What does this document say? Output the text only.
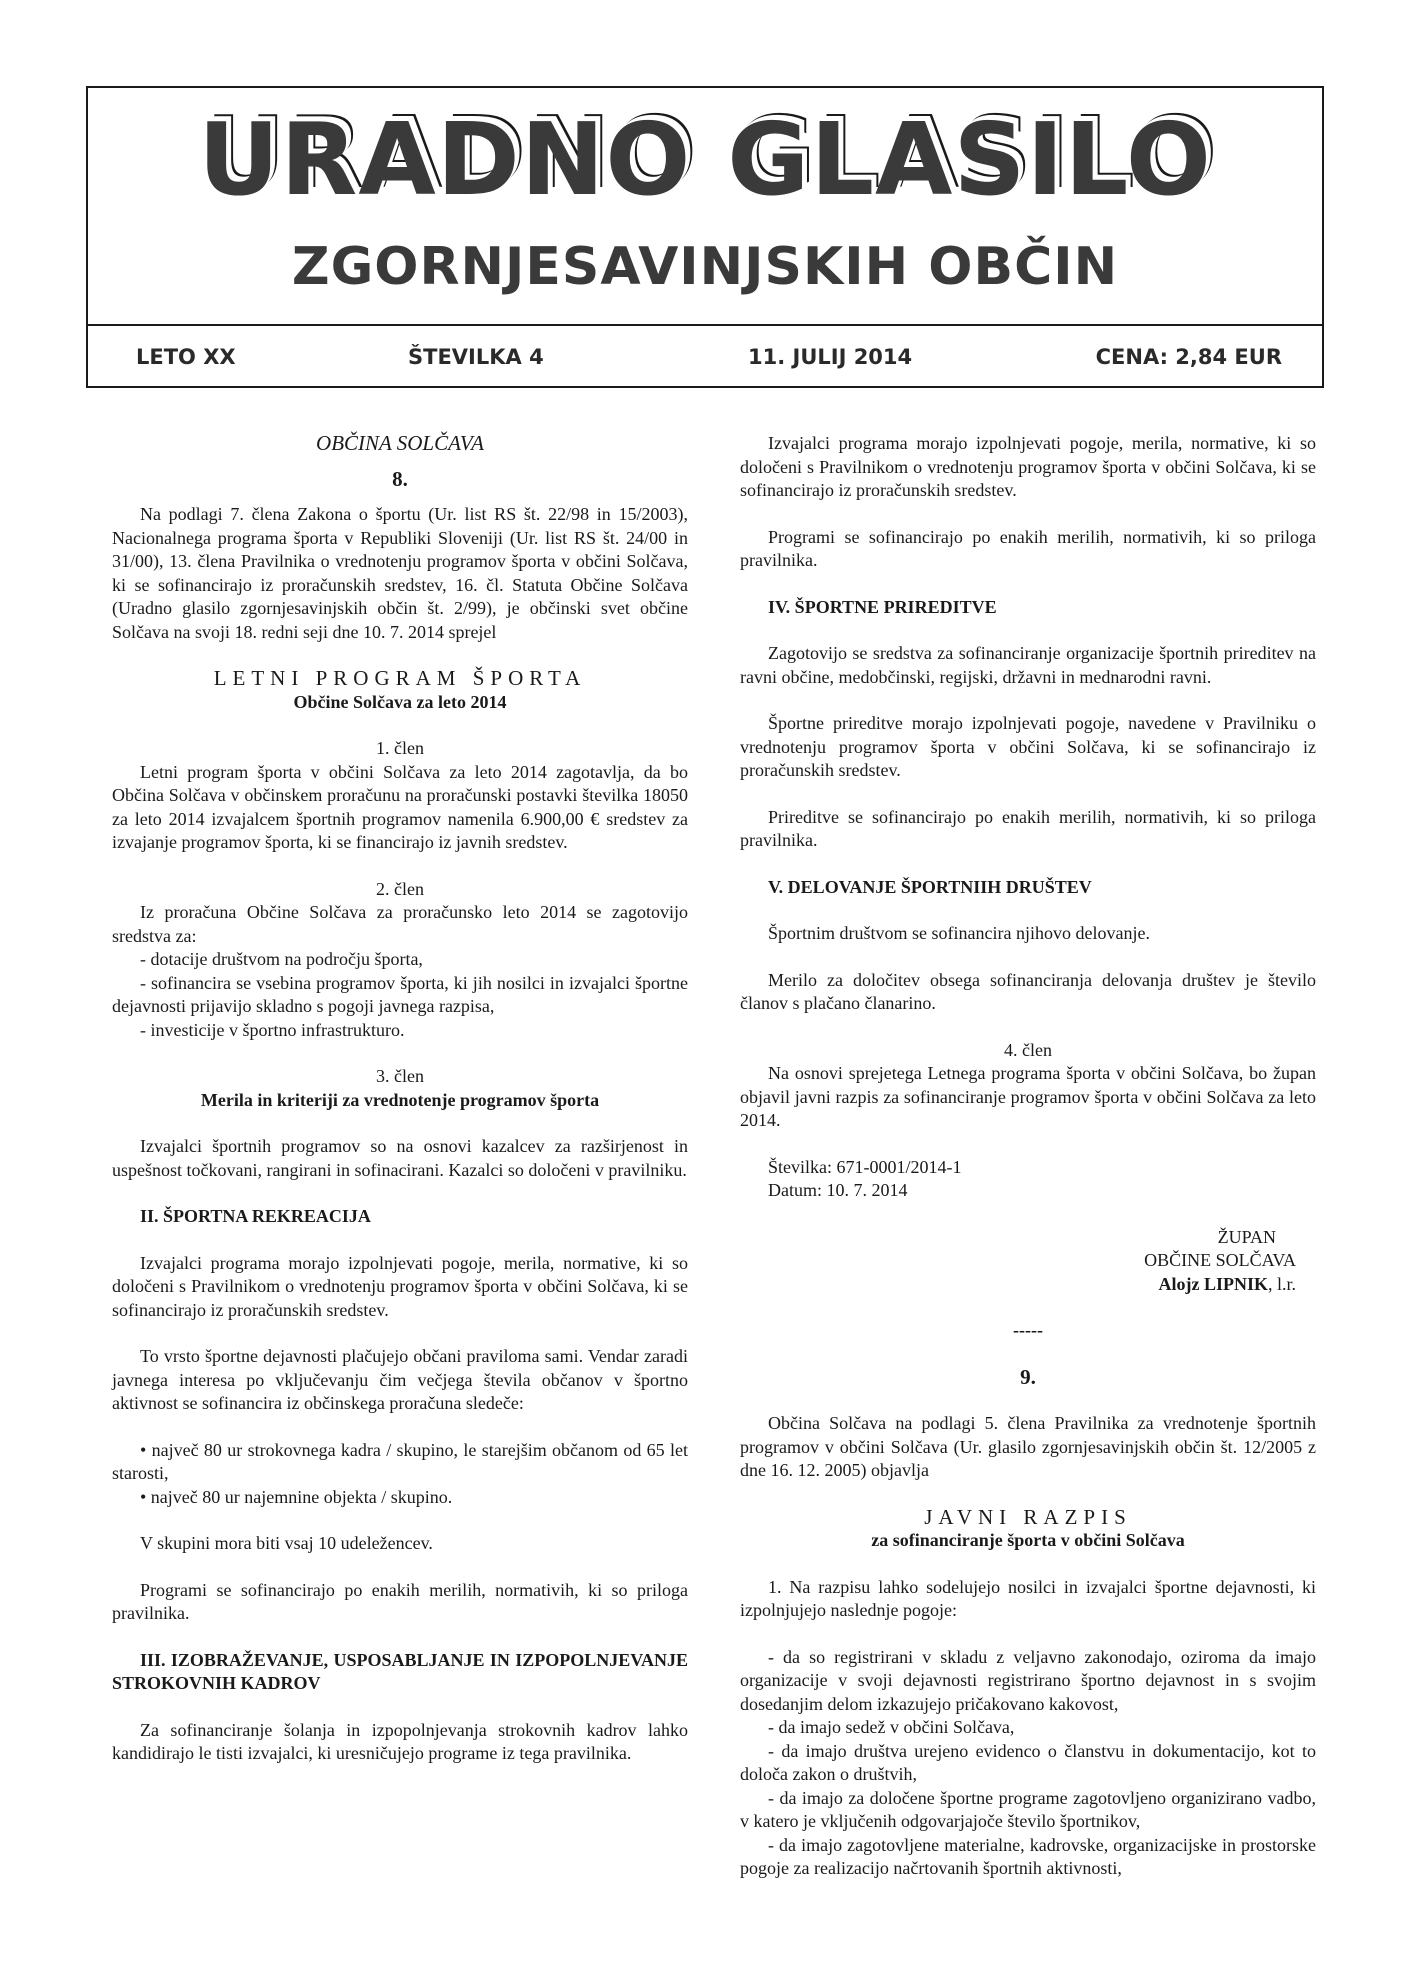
URADNO GLASILO
ZGORNJESAVINJSKIH OBČIN
LETO XX	ŠTEVILKA 4	11. JULIJ 2014	CENA: 2,84 EUR

OBČINA SOLČAVA

8.

Na podlagi 7. člena Zakona o športu (Ur. list RS št. 22/98 in 15/2003), Nacionalnega programa športa v Republiki Sloveniji (Ur. list RS št. 24/00 in 31/00), 13. člena Pravilnika o vrednotenju programov športa v občini Solčava, ki se sofinancirajo iz proračunskih sredstev, 16. čl. Statuta Občine Solčava (Uradno glasilo zgornjesavinjskih občin št. 2/99), je občinski svet občine Solčava na svoji 18. redni seji dne 10. 7. 2014 sprejel

LETNI PROGRAM ŠPORTA

Občine Solčava za leto 2014

1. člen

Letni program športa v občini Solčava za leto 2014 zagotavlja, da bo Občina Solčava v občinskem proračunu na proračunski postavki številka 18050 za leto 2014 izvajalcem športnih programov namenila 6.900,00 € sredstev za izvajanje programov športa, ki se financirajo iz javnih sredstev.

2. člen

Iz proračuna Občine Solčava za proračunsko leto 2014 se zagotovijo sredstva za:

- dotacije društvom na področju športa,

- sofinancira se vsebina programov športa, ki jih nosilci in izvajalci športne dejavnosti prijavijo skladno s pogoji javnega razpisa,

- investicije v športno infrastrukturo.

3. člen

Merila in kriteriji za vrednotenje programov športa

Izvajalci športnih programov so na osnovi kazalcev za razširjenost in uspešnost točkovani, rangirani in sofinacirani. Kazalci so določeni v pravilniku.

II. ŠPORTNA REKREACIJA

Izvajalci programa morajo izpolnjevati pogoje, merila, normative, ki so določeni s Pravilnikom o vrednotenju programov športa v občini Solčava, ki se sofinancirajo iz proračunskih sredstev.

To vrsto športne dejavnosti plačujejo občani praviloma sami. Vendar zaradi javnega interesa po vključevanju čim večjega števila občanov v športno aktivnost se sofinancira iz občinskega proračuna sledeče:

• največ 80 ur strokovnega kadra / skupino, le starejšim občanom od 65 let starosti,

• največ 80 ur najemnine objekta / skupino.

V skupini mora biti vsaj 10 udeležencev.

Programi se sofinancirajo po enakih merilih, normativih, ki so priloga pravilnika.

III. IZOBRAŽEVANJE, USPOSABLJANJE IN IZPOPOLNJEVANJE STROKOVNIH KADROV

Za sofinanciranje šolanja in izpopolnjevanja strokovnih kadrov lahko kandidirajo le tisti izvajalci, ki uresničujejo programe iz tega pravilnika.

Izvajalci programa morajo izpolnjevati pogoje, merila, normative, ki so določeni s Pravilnikom o vrednotenju programov športa v občini Solčava, ki se sofinancirajo iz proračunskih sredstev.

Programi se sofinancirajo po enakih merilih, normativih, ki so priloga pravilnika.

IV. ŠPORTNE PRIREDITVE

Zagotovijo se sredstva za sofinanciranje organizacije športnih prireditev na ravni občine, medobčinski, regijski, državni in mednarodni ravni.

Športne prireditve morajo izpolnjevati pogoje, navedene v Pravilniku o vrednotenju programov športa v občini Solčava, ki se sofinancirajo iz proračunskih sredstev.

Prireditve se sofinancirajo po enakih merilih, normativih, ki so priloga pravilnika.

V. DELOVANJE ŠPORTNIIH DRUŠTEV

Športnim društvom se sofinancira njihovo delovanje.

Merilo za določitev obsega sofinanciranja delovanja društev je število članov s plačano članarino.

4. člen

Na osnovi sprejetega Letnega programa športa v občini Solčava, bo župan objavil javni razpis za sofinanciranje programov športa v občini Solčava za leto 2014.

Številka: 671-0001/2014-1

Datum: 10. 7. 2014

ŽUPAN

OBČINE SOLČAVA

Alojz LIPNIK, l.r.

-----

9.

Občina Solčava na podlagi 5. člena Pravilnika za vrednotenje športnih programov v občini Solčava (Ur. glasilo zgornjesavinjskih občin št. 12/2005 z dne 16. 12. 2005) objavlja

JAVNI RAZPIS

za sofinanciranje športa v občini Solčava

1. Na razpisu lahko sodelujejo nosilci in izvajalci športne dejavnosti, ki izpolnjujejo naslednje pogoje:

- da so registrirani v skladu z veljavno zakonodajo, oziroma da imajo organizacije v svoji dejavnosti registrirano športno dejavnost in s svojim dosedanjim delom izkazujejo pričakovano kakovost,

- da imajo sedež v občini Solčava,

- da imajo društva urejeno evidenco o članstvu in dokumentacijo, kot to določa zakon o društvih,

- da imajo za določene športne programe zagotovljeno organizirano vadbo, v katero je vključenih odgovarjajoče število športnikov,

- da imajo zagotovljene materialne, kadrovske, organizacijske in prostorske pogoje za realizacijo načrtovanih športnih aktivnosti,
